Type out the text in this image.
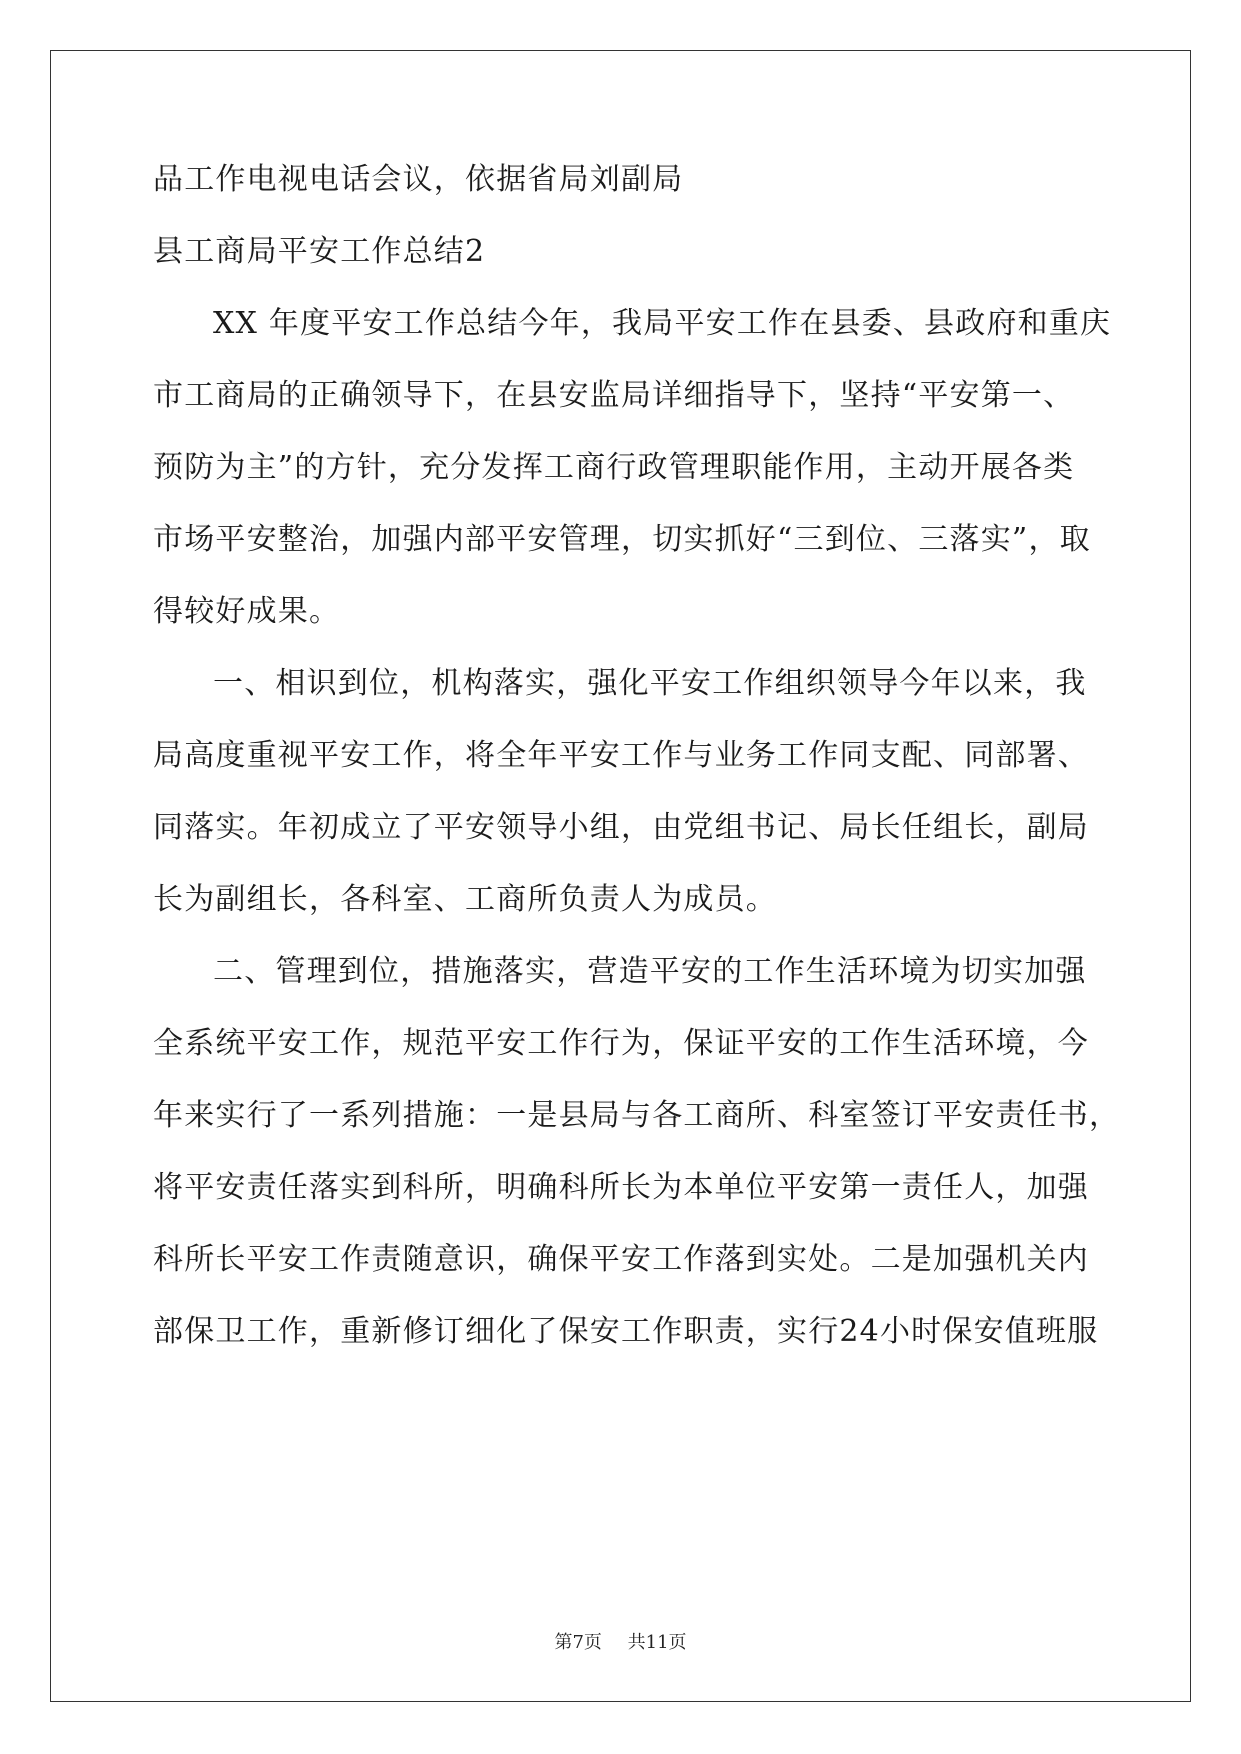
品工作电视电话会议，依据省局刘副局
县工商局平安工作总结2
XX 年度平安工作总结今年，我局平安工作在县委、县政府和重庆
市工商局的正确领导下，在县安监局详细指导下，坚持“平安第一、
预防为主”的方针，充分发挥工商行政管理职能作用，主动开展各类
市场平安整治，加强内部平安管理，切实抓好“三到位、三落实”，取
得较好成果。
一、相识到位，机构落实，强化平安工作组织领导今年以来，我
局高度重视平安工作，将全年平安工作与业务工作同支配、同部署、
同落实。年初成立了平安领导小组，由党组书记、局长任组长，副局
长为副组长，各科室、工商所负责人为成员。
二、管理到位，措施落实，营造平安的工作生活环境为切实加强
全系统平安工作，规范平安工作行为，保证平安的工作生活环境，今
年来实行了一系列措施：一是县局与各工商所、科室签订平安责任书，
将平安责任落实到科所，明确科所长为本单位平安第一责任人，加强
科所长平安工作责随意识，确保平安工作落到实处。二是加强机关内
部保卫工作，重新修订细化了保安工作职责，实行24小时保安值班服
第7页 共11页
